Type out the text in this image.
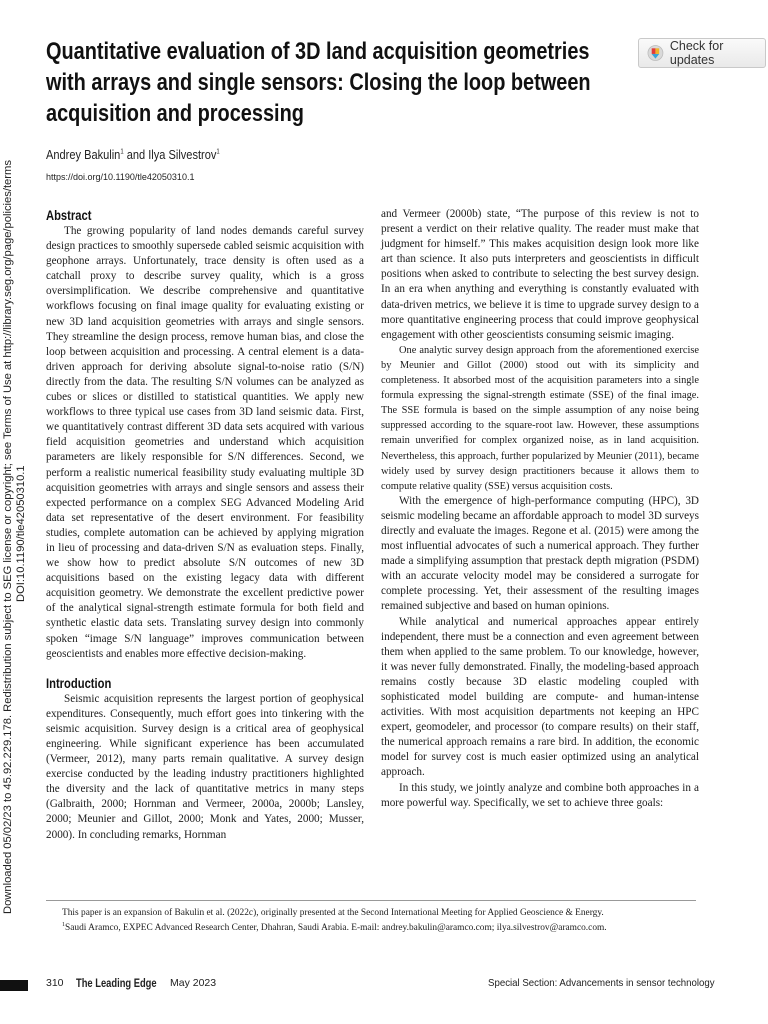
Downloaded 05/02/23 to 45.92.229.178. Redistribution subject to SEG license or copyright; see Terms of Use at http://library.seg.org/page/policies/terms DOI:10.1190/tle42050310.1
Quantitative evaluation of 3D land acquisition geometries with arrays and single sensors: Closing the loop between acquisition and processing
Check for updates
Andrey Bakulin$^1$ and Ilya Silvestrov$^1$
https://doi.org/10.1190/tle42050310.1
Abstract

The growing popularity of land nodes demands careful survey design practices to smoothly supersede cabled seismic acquisition with geophone arrays. Unfortunately, trace density is often used as a catchall proxy to describe survey quality, which is a gross oversimplification. We describe comprehensive and quantitative workflows focusing on final image quality for evaluating existing or new 3D land acquisition geometries with arrays and single sensors. They streamline the design process, remove human bias, and close the loop between acquisition and processing. A central element is a data-driven approach for deriving absolute signal-to-noise ratio (S/N) directly from the data. The resulting S/N volumes can be analyzed as cubes or slices or distilled to statistical quantities. We apply new workflows to three typical use cases from 3D land seismic data. First, we quantitatively contrast different 3D data sets acquired with various field acquisition geometries and understand which acquisition parameters are likely responsible for S/N differences. Second, we perform a realistic numerical feasibility study evaluating multiple 3D acquisition geometries with arrays and single sensors and assess their expected performance on a complex SEG Advanced Modeling Arid data set representative of the desert environment. For feasibility studies, complete automation can be achieved by applying migration in lieu of processing and data-driven S/N as evaluation steps. Finally, we show how to predict absolute S/N outcomes of new 3D acquisitions based on the existing legacy data with different acquisition geometry. We demonstrate the excellent predictive power of the analytical signal-strength estimate formula for both field and synthetic elastic data sets. Translating survey design into commonly spoken “image S/N language” improves communication between geoscientists and enables more effective decision-making.

Introduction

Seismic acquisition represents the largest portion of geophysical expenditures. Consequently, much effort goes into tinkering with the seismic acquisition. Survey design is a critical area of geophysical engineering. While significant experience has been accumulated (Vermeer, 2012), many parts remain qualitative. A survey design exercise conducted by the leading industry practitioners highlighted the diversity and the lack of quantitative metrics in many steps (Galbraith, 2000; Hornman and Vermeer, 2000a, 2000b; Lansley, 2000; Meunier and Gillot, 2000; Monk and Yates, 2000; Musser, 2000). In concluding remarks, Hornman

and Vermeer (2000b) state, “The purpose of this review is not to present a verdict on their relative quality. The reader must make that judgment for himself.” This makes acquisition design look more like art than science. It also puts interpreters and geoscientists in difficult positions when asked to contribute to selecting the best survey design. In an era when anything and everything is constantly evaluated with data-driven metrics, we believe it is time to upgrade survey design to a more quantitative engineering process that could improve geophysical engagement with other geoscientists consuming seismic imaging.

One analytic survey design approach from the aforementioned exercise by Meunier and Gillot (2000) stood out with its simplicity and completeness. It absorbed most of the acquisition parameters into a single formula expressing the signal-strength estimate (SSE) of the final image. The SSE formula is based on the simple assumption of any noise being suppressed according to the square-root law. However, these assumptions remain unverified for complex organized noise, as in land acquisition. Nevertheless, this approach, further popularized by Meunier (2011), became widely used by survey design practitioners because it allows them to compute relative quality (SSE) versus acquisition costs.

With the emergence of high-performance computing (HPC), 3D seismic modeling became an affordable approach to model 3D surveys directly and evaluate the images. Regone et al. (2015) were among the most influential advocates of such a numerical approach. They further made a simplifying assumption that prestack depth migration (PSDM) with an accurate velocity model may be considered a surrogate for complete processing. Yet, their assessment of the resulting images remained subjective and based on human opinions.

While analytical and numerical approaches appear entirely independent, there must be a connection and even agreement between them when applied to the same problem. To our knowledge, however, it was never fully demonstrated. Finally, the modeling-based approach remains costly because 3D elastic modeling coupled with sophisticated model building are compute- and human-intense activities. With most acquisition departments not keeping an HPC expert, geomodeler, and processor (to compare results) on their staff, the numerical approach remains a rare bird. In addition, the economic model for survey cost is much easier optimized using an analytical approach.

In this study, we jointly analyze and combine both approaches in a more powerful way. Specifically, we set to achieve three goals:

This paper is an expansion of Bakulin et al. (2022c), originally presented at the Second International Meeting for Applied Geoscience & Energy.
$^1$Saudi Aramco, EXPEC Advanced Research Center, Dhahran, Saudi Arabia. E-mail: andrey.bakulin@aramco.com; ilya.silvestrov@aramco.com.
310 The Leading Edge May 2023	Special Section: Advancements in sensor technology
